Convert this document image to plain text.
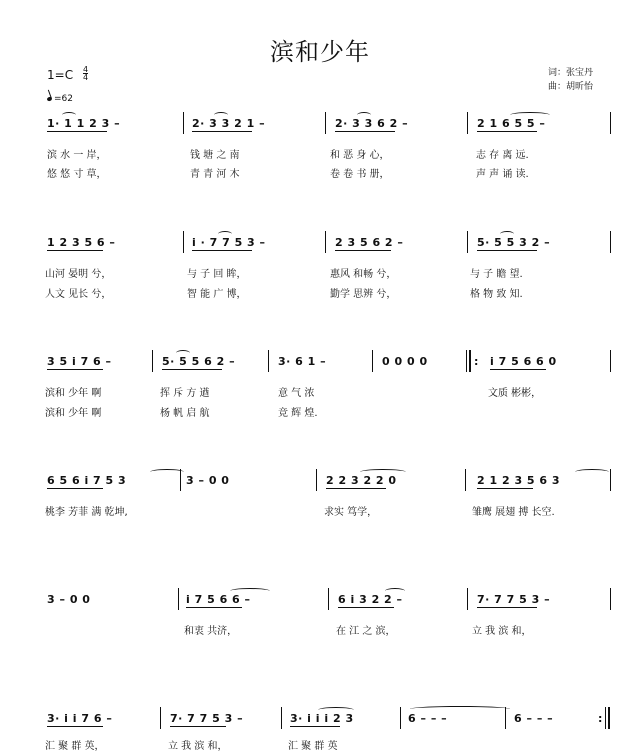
滨和少年
1=C 4
4
=62
词：张宝丹
曲：胡昕怡
1· 1 1 2 3 –	2· 3 3 2 1 –	2· 3 3 6 2 –	2 1 6 5 5 –
滨 水 一 岸，	钱 塘 之 南	和 恶 身 心，	志 存 离 远.
悠 悠 寸 草，	青 青 河 木	卷 卷 书 册，	声 声 诵 读.
1 2 3 5 6 –	i · 7 7 5 3 –	2 3 5 6 2 –	5· 5 5 3 2 –
山河 晏明 兮，	与 子 回 眸，	惠风 和畅 兮，	与 子 瞻 望.
人文 见长 兮，	智 能 广 博，	勤学 思辨 兮，	格 物 致 知.
3 5 i 7 6 –	5· 5 5 6 2 –	3· 6 1 –	0 0 0 0	i 7 5 6 6 0
滨和 少年 啊	挥 斥 方 遒	意 气 浓	文质 彬彬，
滨和 少年 啊	杨 帆 启 航	竞 辉 煌.
:
6 5 6 i 7 5 3	3 – 0 0	2 2 3 2 2 0	2 1 2 3 5 6 3
桃李 芳菲 满 乾坤,	求实 笃学，	雏鹰 展翅 搏 长空.
3 – 0 0	i 7 5 6 6 –	6 i 3 2 2 –	7· 7 7 5 3 –
和衷 共济，	在 江 之 滨，	立 我 滨 和，
3· i i 7 6 –	7· 7 7 5 3 –	3· i i i 2 3	6 – – –	6 – – –
汇 聚 群 英，	立 我 滨 和，	汇 聚 群 英
:
